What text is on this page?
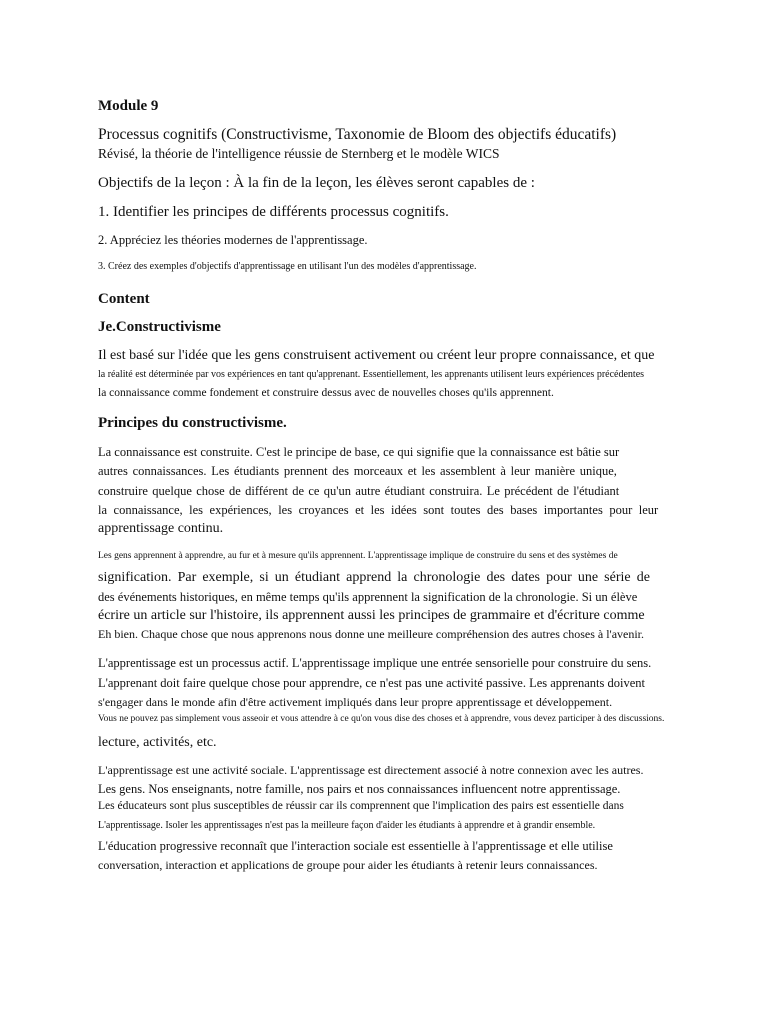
Module 9
Processus cognitifs (Constructivisme, Taxonomie de Bloom des objectifs éducatifs)
Révisé, la théorie de l'intelligence réussie de Sternberg et le modèle WICS
Objectifs de la leçon : À la fin de la leçon, les élèves seront capables de :
1. Identifier les principes de différents processus cognitifs.
2. Appréciez les théories modernes de l'apprentissage.
3. Créez des exemples d'objectifs d'apprentissage en utilisant l'un des modèles d'apprentissage.
Content
Je.Constructivisme
Il est basé sur l'idée que les gens construisent activement ou créent leur propre connaissance, et que
la réalité est déterminée par vos expériences en tant qu'apprenant. Essentiellement, les apprenants utilisent leurs expériences précédentes
la connaissance comme fondement et construire dessus avec de nouvelles choses qu'ils apprennent.
Principes du constructivisme.
La connaissance est construite. C'est le principe de base, ce qui signifie que la connaissance est bâtie sur
autres connaissances. Les étudiants prennent des morceaux et les assemblent à leur manière unique,
construire quelque chose de différent de ce qu'un autre étudiant construira. Le précédent de l'étudiant
la connaissance, les expériences, les croyances et les idées sont toutes des bases importantes pour leur
apprentissage continu.
Les gens apprennent à apprendre, au fur et à mesure qu'ils apprennent. L'apprentissage implique de construire du sens et des systèmes de
signification. Par exemple, si un étudiant apprend la chronologie des dates pour une série de
des événements historiques, en même temps qu'ils apprennent la signification de la chronologie. Si un élève
écrire un article sur l'histoire, ils apprennent aussi les principes de grammaire et d'écriture comme
Eh bien. Chaque chose que nous apprenons nous donne une meilleure compréhension des autres choses à l'avenir.
L'apprentissage est un processus actif. L'apprentissage implique une entrée sensorielle pour construire du sens.
L'apprenant doit faire quelque chose pour apprendre, ce n'est pas une activité passive. Les apprenants doivent
s'engager dans le monde afin d'être activement impliqués dans leur propre apprentissage et développement.
Vous ne pouvez pas simplement vous asseoir et vous attendre à ce qu'on vous dise des choses et à apprendre, vous devez participer à des discussions.
lecture, activités, etc.
L'apprentissage est une activité sociale. L'apprentissage est directement associé à notre connexion avec les autres.
Les gens. Nos enseignants, notre famille, nos pairs et nos connaissances influencent notre apprentissage.
Les éducateurs sont plus susceptibles de réussir car ils comprennent que l'implication des pairs est essentielle dans
L'apprentissage. Isoler les apprentissages n'est pas la meilleure façon d'aider les étudiants à apprendre et à grandir ensemble.
L'éducation progressive reconnaît que l'interaction sociale est essentielle à l'apprentissage et elle utilise
conversation, interaction et applications de groupe pour aider les étudiants à retenir leurs connaissances.
